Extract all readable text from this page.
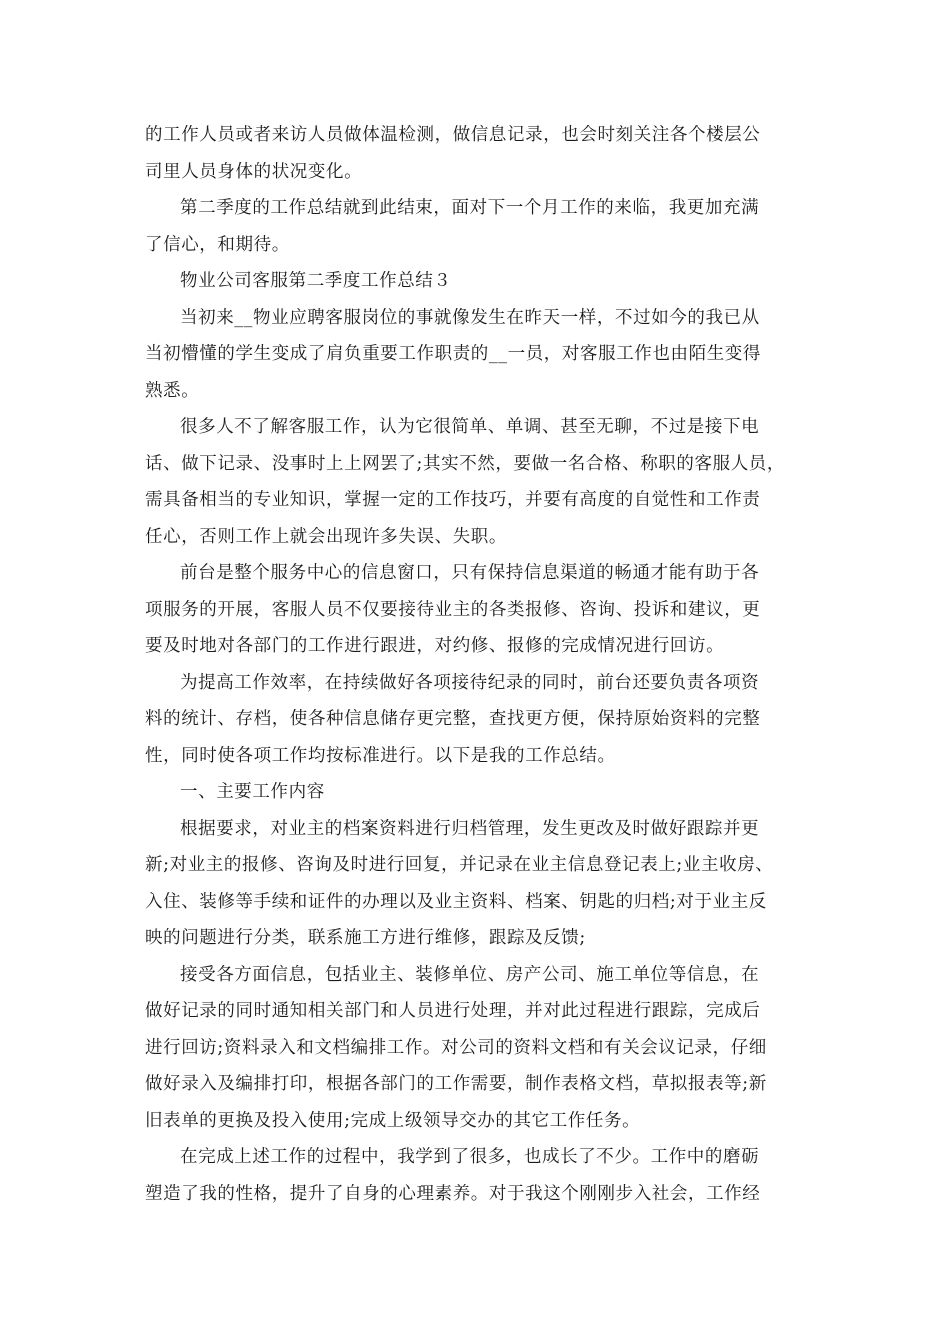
的工作人员或者来访人员做体温检测，做信息记录，也会时刻关注各个楼层公
司里人员身体的状况变化。
第二季度的工作总结就到此结束，面对下一个月工作的来临，我更加充满
了信心，和期待。
物业公司客服第二季度工作总结３
当初来__物业应聘客服岗位的事就像发生在昨天一样，不过如今的我已从
当初懵懂的学生变成了肩负重要工作职责的__一员，对客服工作也由陌生变得
熟悉。
很多人不了解客服工作，认为它很简单、单调、甚至无聊，不过是接下电
话、做下记录、没事时上上网罢了;其实不然，要做一名合格、称职的客服人员，
需具备相当的专业知识，掌握一定的工作技巧，并要有高度的自觉性和工作责
任心，否则工作上就会出现许多失误、失职。
前台是整个服务中心的信息窗口，只有保持信息渠道的畅通才能有助于各
项服务的开展，客服人员不仅要接待业主的各类报修、咨询、投诉和建议，更
要及时地对各部门的工作进行跟进，对约修、报修的完成情况进行回访。
为提高工作效率，在持续做好各项接待纪录的同时，前台还要负责各项资
料的统计、存档，使各种信息储存更完整，查找更方便，保持原始资料的完整
性，同时使各项工作均按标准进行。以下是我的工作总结。
一、主要工作内容
根据要求，对业主的档案资料进行归档管理，发生更改及时做好跟踪并更
新;对业主的报修、咨询及时进行回复，并记录在业主信息登记表上;业主收房、
入住、装修等手续和证件的办理以及业主资料、档案、钥匙的归档;对于业主反
映的问题进行分类，联系施工方进行维修，跟踪及反馈;
接受各方面信息，包括业主、装修单位、房产公司、施工单位等信息，在
做好记录的同时通知相关部门和人员进行处理，并对此过程进行跟踪，完成后
进行回访;资料录入和文档编排工作。对公司的资料文档和有关会议记录，仔细
做好录入及编排打印，根据各部门的工作需要，制作表格文档，草拟报表等;新
旧表单的更换及投入使用;完成上级领导交办的其它工作任务。
在完成上述工作的过程中，我学到了很多，也成长了不少。工作中的磨砺
塑造了我的性格，提升了自身的心理素养。对于我这个刚刚步入社会，工作经
